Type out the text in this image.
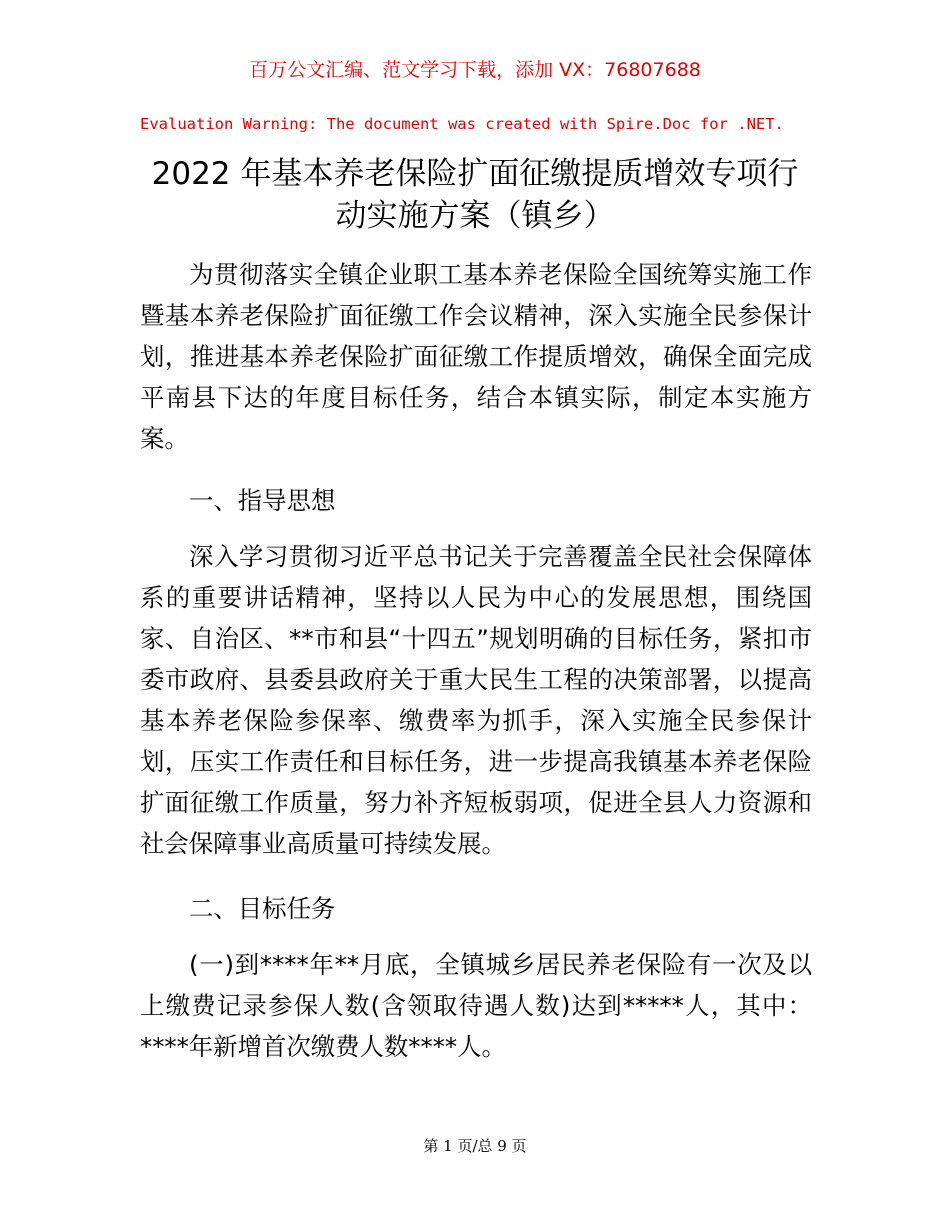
百万公文汇编、范文学习下载，添加 VX：76807688
Evaluation Warning: The document was created with Spire.Doc for .NET.
2022 年基本养老保险扩面征缴提质增效专项行
动实施方案（镇乡）

为贯彻落实全镇企业职工基本养老保险全国统筹实施工作暨基本养老保险扩面征缴工作会议精神，深入实施全民参保计划，推进基本养老保险扩面征缴工作提质增效，确保全面完成平南县下达的年度目标任务，结合本镇实际，制定本实施方案。

一、指导思想

深入学习贯彻习近平总书记关于完善覆盖全民社会保障体系的重要讲话精神，坚持以人民为中心的发展思想，围绕国家、自治区、**市和县“十四五”规划明确的目标任务，紧扣市委市政府、县委县政府关于重大民生工程的决策部署，以提高基本养老保险参保率、缴费率为抓手，深入实施全民参保计划，压实工作责任和目标任务，进一步提高我镇基本养老保险扩面征缴工作质量，努力补齐短板弱项，促进全县人力资源和社会保障事业高质量可持续发展。

二、目标任务

(一)到****年**月底，全镇城乡居民养老保险有一次及以上缴费记录参保人数(含领取待遇人数)达到*****人，其中：****年新增首次缴费人数****人。

第 1 页/总 9 页
